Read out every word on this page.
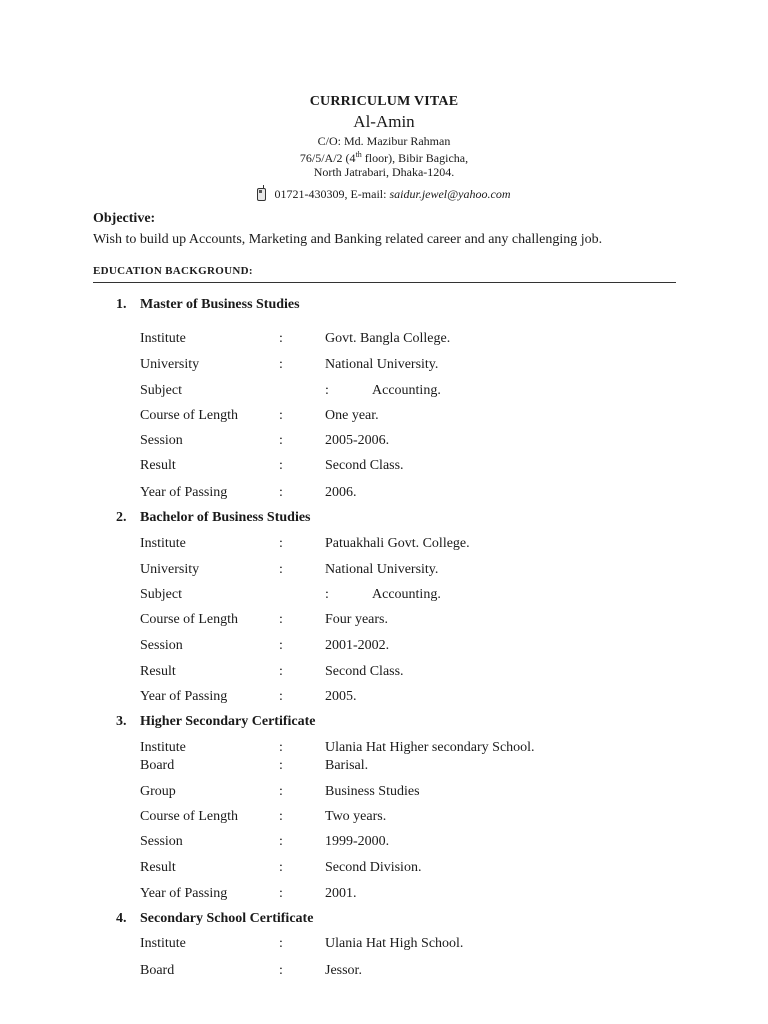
CURRICULUM VITAE
Al-Amin
C/O: Md. Mazibur Rahman
76/5/A/2 (4th floor), Bibir Bagicha,
North Jatrabari, Dhaka-1204.
01721-430309, E-mail: saidur.jewel@yahoo.com
Objective:
Wish to build up Accounts, Marketing and Banking related career and any challenging job.
EDUCATION BACKGROUND:
1. Master of Business Studies
Institute	:	Govt. Bangla College.
University	:	National University.
Subject	:	Accounting.
Course of Length	:	One year.
Session	:	2005-2006.
Result	:	Second Class.
Year of Passing	:	2006.
2. Bachelor of Business Studies
Institute	:	Patuakhali Govt. College.
University	:	National University.
Subject	:	Accounting.
Course of Length	:	Four years.
Session	:	2001-2002.
Result	:	Second Class.
Year of Passing	:	2005.
3. Higher Secondary Certificate
Institute	:	Ulania Hat Higher secondary School.
Board	:	Barisal.
Group	:	Business Studies
Course of Length	:	Two years.
Session	:	1999-2000.
Result	:	Second Division.
Year of Passing	:	2001.
4. Secondary School Certificate
Institute	:	Ulania Hat High School.
Board	:	Jessor.
